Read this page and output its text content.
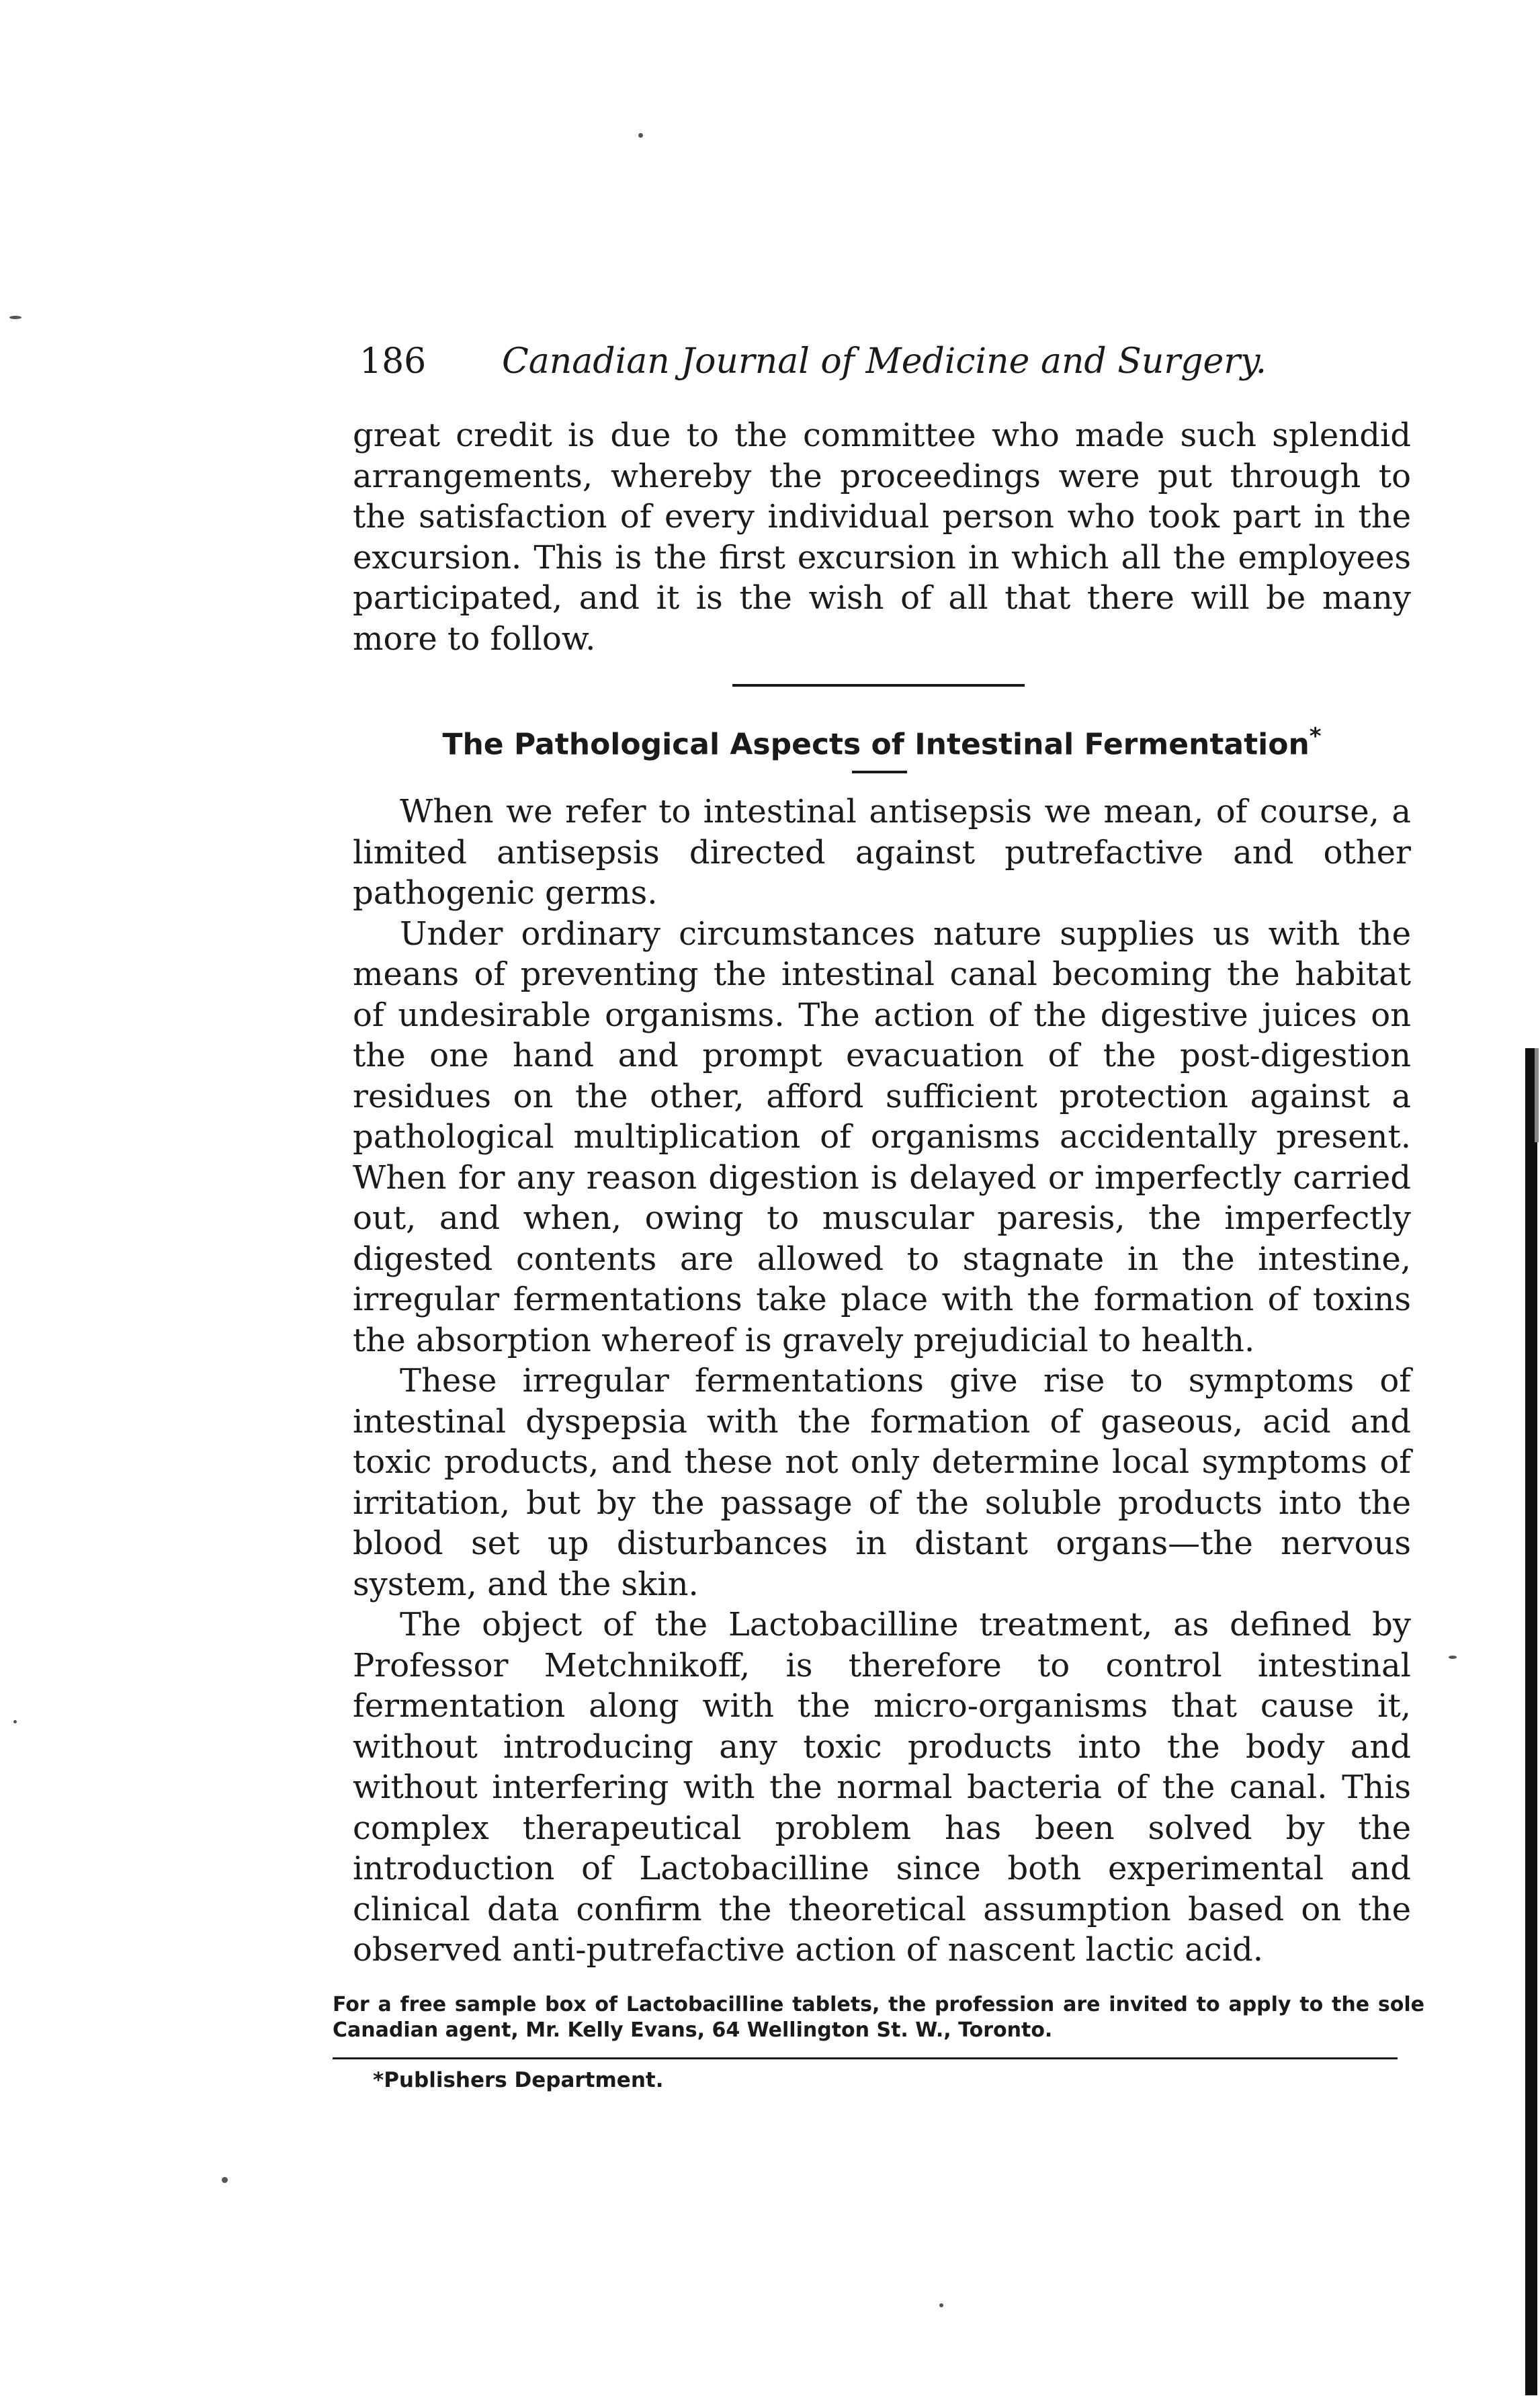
186 Canadian Journal of Medicine and Surgery.

great credit is due to the committee who made such splendid arrangements, whereby the proceedings were put through to the satisfaction of every individual person who took part in the excursion. This is the first excursion in which all the employees participated, and it is the wish of all that there will be many more to follow.

The Pathological Aspects of Intestinal Fermentation*

When we refer to intestinal antisepsis we mean, of course, a limited antisepsis directed against putrefactive and other pathogenic germs.

Under ordinary circumstances nature supplies us with the means of preventing the intestinal canal becoming the habitat of undesirable organisms. The action of the digestive juices on the one hand and prompt evacuation of the post-digestion residues on the other, afford sufficient protection against a pathological multiplication of organisms accidentally present. When for any reason digestion is delayed or imperfectly carried out, and when, owing to muscular paresis, the imperfectly digested contents are allowed to stagnate in the intestine, irregular fermentations take place with the formation of toxins the absorption whereof is gravely prejudicial to health.

These irregular fermentations give rise to symptoms of intestinal dyspepsia with the formation of gaseous, acid and toxic products, and these not only determine local symptoms of irritation, but by the passage of the soluble products into the blood set up disturbances in distant organs—the nervous system, and the skin.

The object of the Lactobacilline treatment, as defined by Professor Metchnikoff, is therefore to control intestinal fermentation along with the micro-organisms that cause it, without introducing any toxic products into the body and without interfering with the normal bacteria of the canal. This complex therapeutical problem has been solved by the introduction of Lactobacilline since both experimental and clinical data confirm the theoretical assumption based on the observed anti-putrefactive action of nascent lactic acid.

For a free sample box of Lactobacilline tablets, the profession are invited to apply to the sole Canadian agent, Mr. Kelly Evans, 64 Wellington St. W., Toronto.
*Publishers Department.
